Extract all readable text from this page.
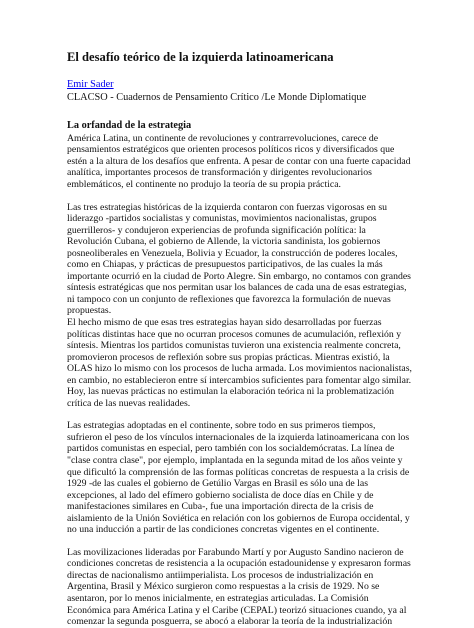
El desafío teórico de la izquierda latinoamericana

Emir Sader

CLACSO - Cuadernos de Pensamiento Crítico /Le Monde Diplomatique

La orfandad de la estrategia

América Latina, un continente de revoluciones y contrarrevoluciones, carece de
pensamientos estratégicos que orienten procesos políticos ricos y diversificados que
estén a la altura de los desafíos que enfrenta. A pesar de contar con una fuerte capacidad
analítica, importantes procesos de transformación y dirigentes revolucionarios
emblemáticos, el continente no produjo la teoría de su propia práctica.

Las tres estrategias históricas de la izquierda contaron con fuerzas vigorosas en su
liderazgo -partidos socialistas y comunistas, movimientos nacionalistas, grupos
guerrilleros- y condujeron experiencias de profunda significación política: la
Revolución Cubana, el gobierno de Allende, la victoria sandinista, los gobiernos
posneoliberales en Venezuela, Bolivia y Ecuador, la construcción de poderes locales,
como en Chiapas, y prácticas de presupuestos participativos, de las cuales la más
importante ocurrió en la ciudad de Porto Alegre. Sin embargo, no contamos con grandes
síntesis estratégicas que nos permitan usar los balances de cada una de esas estrategias,
ni tampoco con un conjunto de reflexiones que favorezca la formulación de nuevas
propuestas.
El hecho mismo de que esas tres estrategias hayan sido desarrolladas por fuerzas
políticas distintas hace que no ocurran procesos comunes de acumulación, reflexión y
síntesis. Mientras los partidos comunistas tuvieron una existencia realmente concreta,
promovieron procesos de reflexión sobre sus propias prácticas. Mientras existió, la
OLAS hizo lo mismo con los procesos de lucha armada. Los movimientos nacionalistas,
en cambio, no establecieron entre sí intercambios suficientes para fomentar algo similar.
Hoy, las nuevas prácticas no estimulan la elaboración teórica ni la problematización
crítica de las nuevas realidades.

Las estrategias adoptadas en el continente, sobre todo en sus primeros tiempos,
sufrieron el peso de los vínculos internacionales de la izquierda latinoamericana con los
partidos comunistas en especial, pero también con los socialdemócratas. La línea de
"clase contra clase", por ejemplo, implantada en la segunda mitad de los años veinte y
que dificultó la comprensión de las formas políticas concretas de respuesta a la crisis de
1929 -de las cuales el gobierno de Getúlio Vargas en Brasil es sólo una de las
excepciones, al lado del efímero gobierno socialista de doce días en Chile y de
manifestaciones similares en Cuba-, fue una importación directa de la crisis de
aislamiento de la Unión Soviética en relación con los gobiernos de Europa occidental, y
no una inducción a partir de las condiciones concretas vigentes en el continente.

Las movilizaciones lideradas por Farabundo Martí y por Augusto Sandino nacieron de
condiciones concretas de resistencia a la ocupación estadounidense y expresaron formas
directas de nacionalismo antiimperialista. Los procesos de industrialización en
Argentina, Brasil y México surgieron como respuestas a la crisis de 1929. No se
asentaron, por lo menos inicialmente, en estrategias articuladas. La Comisión
Económica para América Latina y el Caribe (CEPAL) teorizó situaciones cuando, ya al
comenzar la segunda posguerra, se abocó a elaborar la teoría de la industrialización
